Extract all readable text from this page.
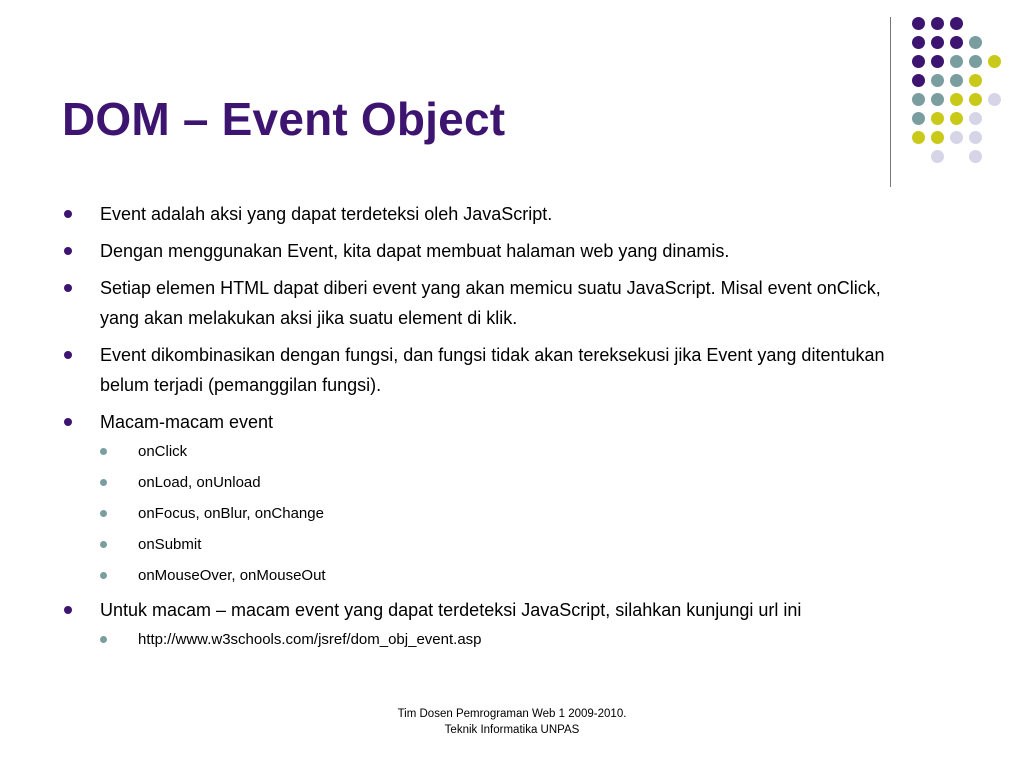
DOM – Event Object
Event adalah aksi yang dapat terdeteksi oleh JavaScript.
Dengan menggunakan Event, kita dapat membuat halaman web yang dinamis.
Setiap elemen HTML dapat diberi event yang akan memicu suatu JavaScript. Misal event onClick, yang akan melakukan aksi jika suatu element di klik.
Event dikombinasikan dengan fungsi, dan fungsi tidak akan tereksekusi jika Event yang ditentukan belum terjadi (pemanggilan fungsi).
Macam-macam event
onClick
onLoad, onUnload
onFocus, onBlur, onChange
onSubmit
onMouseOver, onMouseOut
Untuk macam – macam event yang dapat terdeteksi JavaScript, silahkan kunjungi url ini
http://www.w3schools.com/jsref/dom_obj_event.asp
Tim Dosen Pemrograman Web 1 2009-2010.
Teknik Informatika UNPAS
